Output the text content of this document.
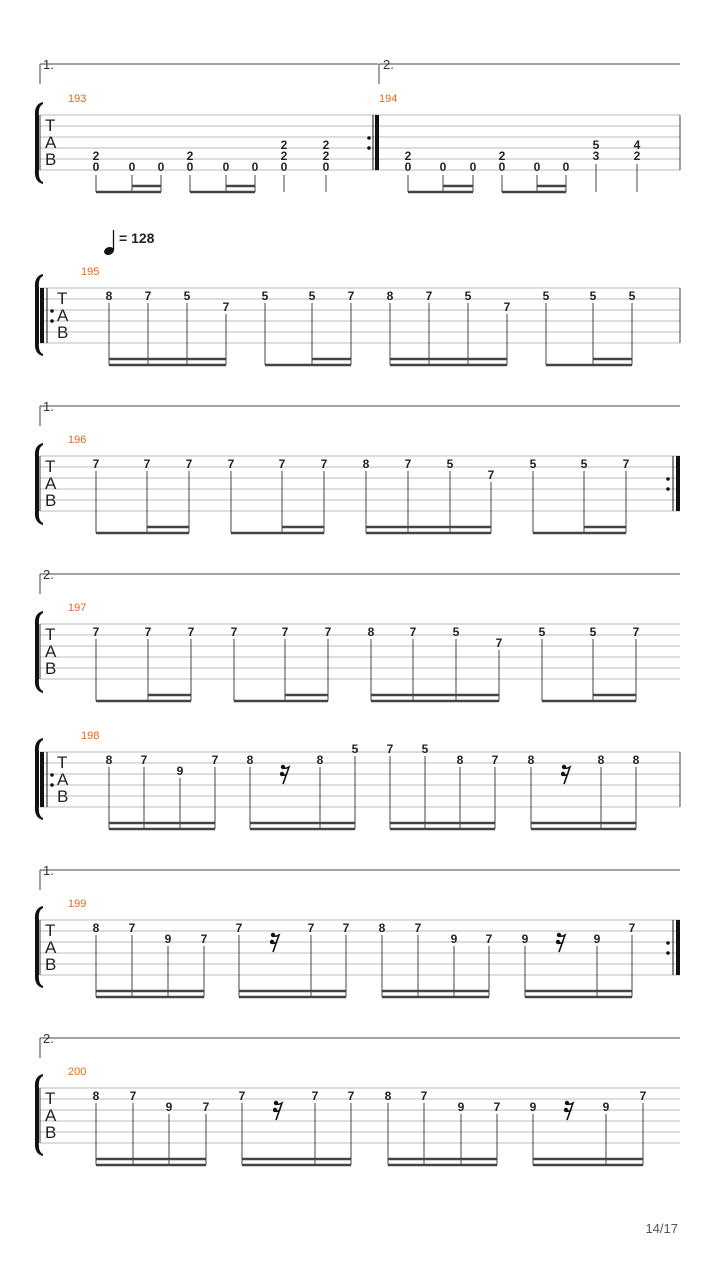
1.	2.
193	194
T
A
B	2
0 0 0
2
0 0 0
2
2
0
2
2
0
2
0 0 0
2
0 0 0
5
3
4
2
= 128
195
T
A
B
8	7	5
7
5	5	7	8	7	5
7
5	5	5
1.
196
T
A
B
7	7	7	7	7	7	8	7	5
7
5	5	7
2.
197
T
A
B
7	7	7	7	7	7	8	7	5
7
5	5	7
198
T
A
B
8 7
9
7 8	8
5 7 5
8 7 8	8 8
1.
199
T
A
B
8 7
9 7
7	7 7 8 7
9 7 9	9
7
2.
200
T
A
B
8	7
9	7
7	7 7	8 7
9 7 9	9
7
14/17
